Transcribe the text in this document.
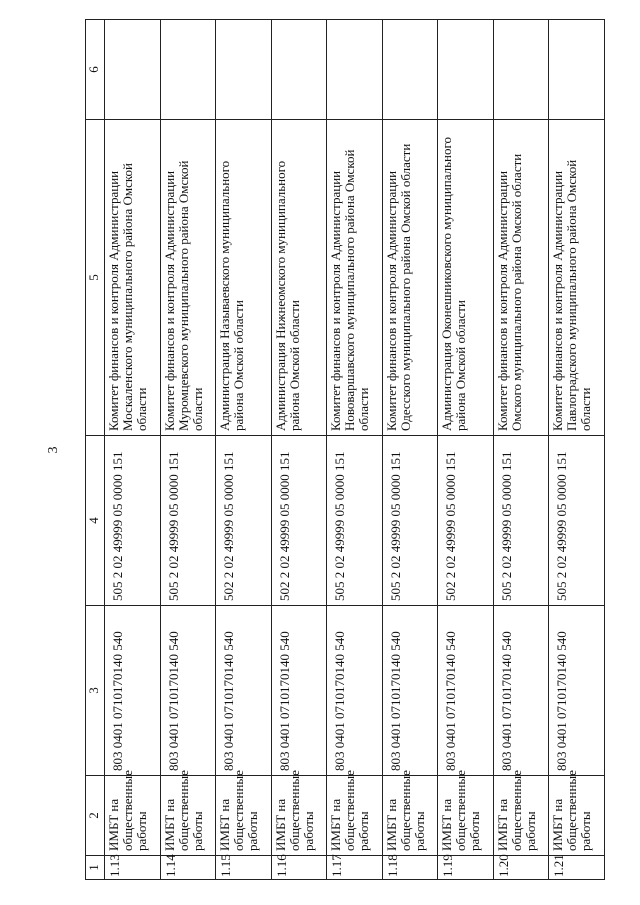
3
1	2	3	4	5	6
1.13	ИМБТ на общественные работы	803 0401 0710170140 540	505 2 02 49999 05 0000 151	Комитет финансов и контроля Администрации Москаленского муниципального района Омской области	
1.14	ИМБТ на общественные работы	803 0401 0710170140 540	505 2 02 49999 05 0000 151	Комитет финансов и контроля Администрации Муромцевского муниципального района Омской области	
1.15	ИМБТ на общественные работы	803 0401 0710170140 540	502 2 02 49999 05 0000 151	Администрация Называевского муниципального района Омской области	
1.16	ИМБТ на общественные работы	803 0401 0710170140 540	502 2 02 49999 05 0000 151	Администрация Нижнеомского муниципального района Омской области	
1.17	ИМБТ на общественные работы	803 0401 0710170140 540	505 2 02 49999 05 0000 151	Комитет финансов и контроля Администрации Нововаршавского муниципального района Омской области	
1.18	ИМБТ на общественные работы	803 0401 0710170140 540	505 2 02 49999 05 0000 151	Комитет финансов и контроля Администрации Одесского муниципального района Омской области	
1.19	ИМБТ на общественные работы	803 0401 0710170140 540	502 2 02 49999 05 0000 151	Администрация Оконешниковского муниципального района Омской области	
1.20	ИМБТ на общественные работы	803 0401 0710170140 540	505 2 02 49999 05 0000 151	Комитет финансов и контроля Администрации Омского муниципального района Омской области	
1.21	ИМБТ на общественные работы	803 0401 0710170140 540	505 2 02 49999 05 0000 151	Комитет финансов и контроля Администрации Павлоградского муниципального района Омской области	
